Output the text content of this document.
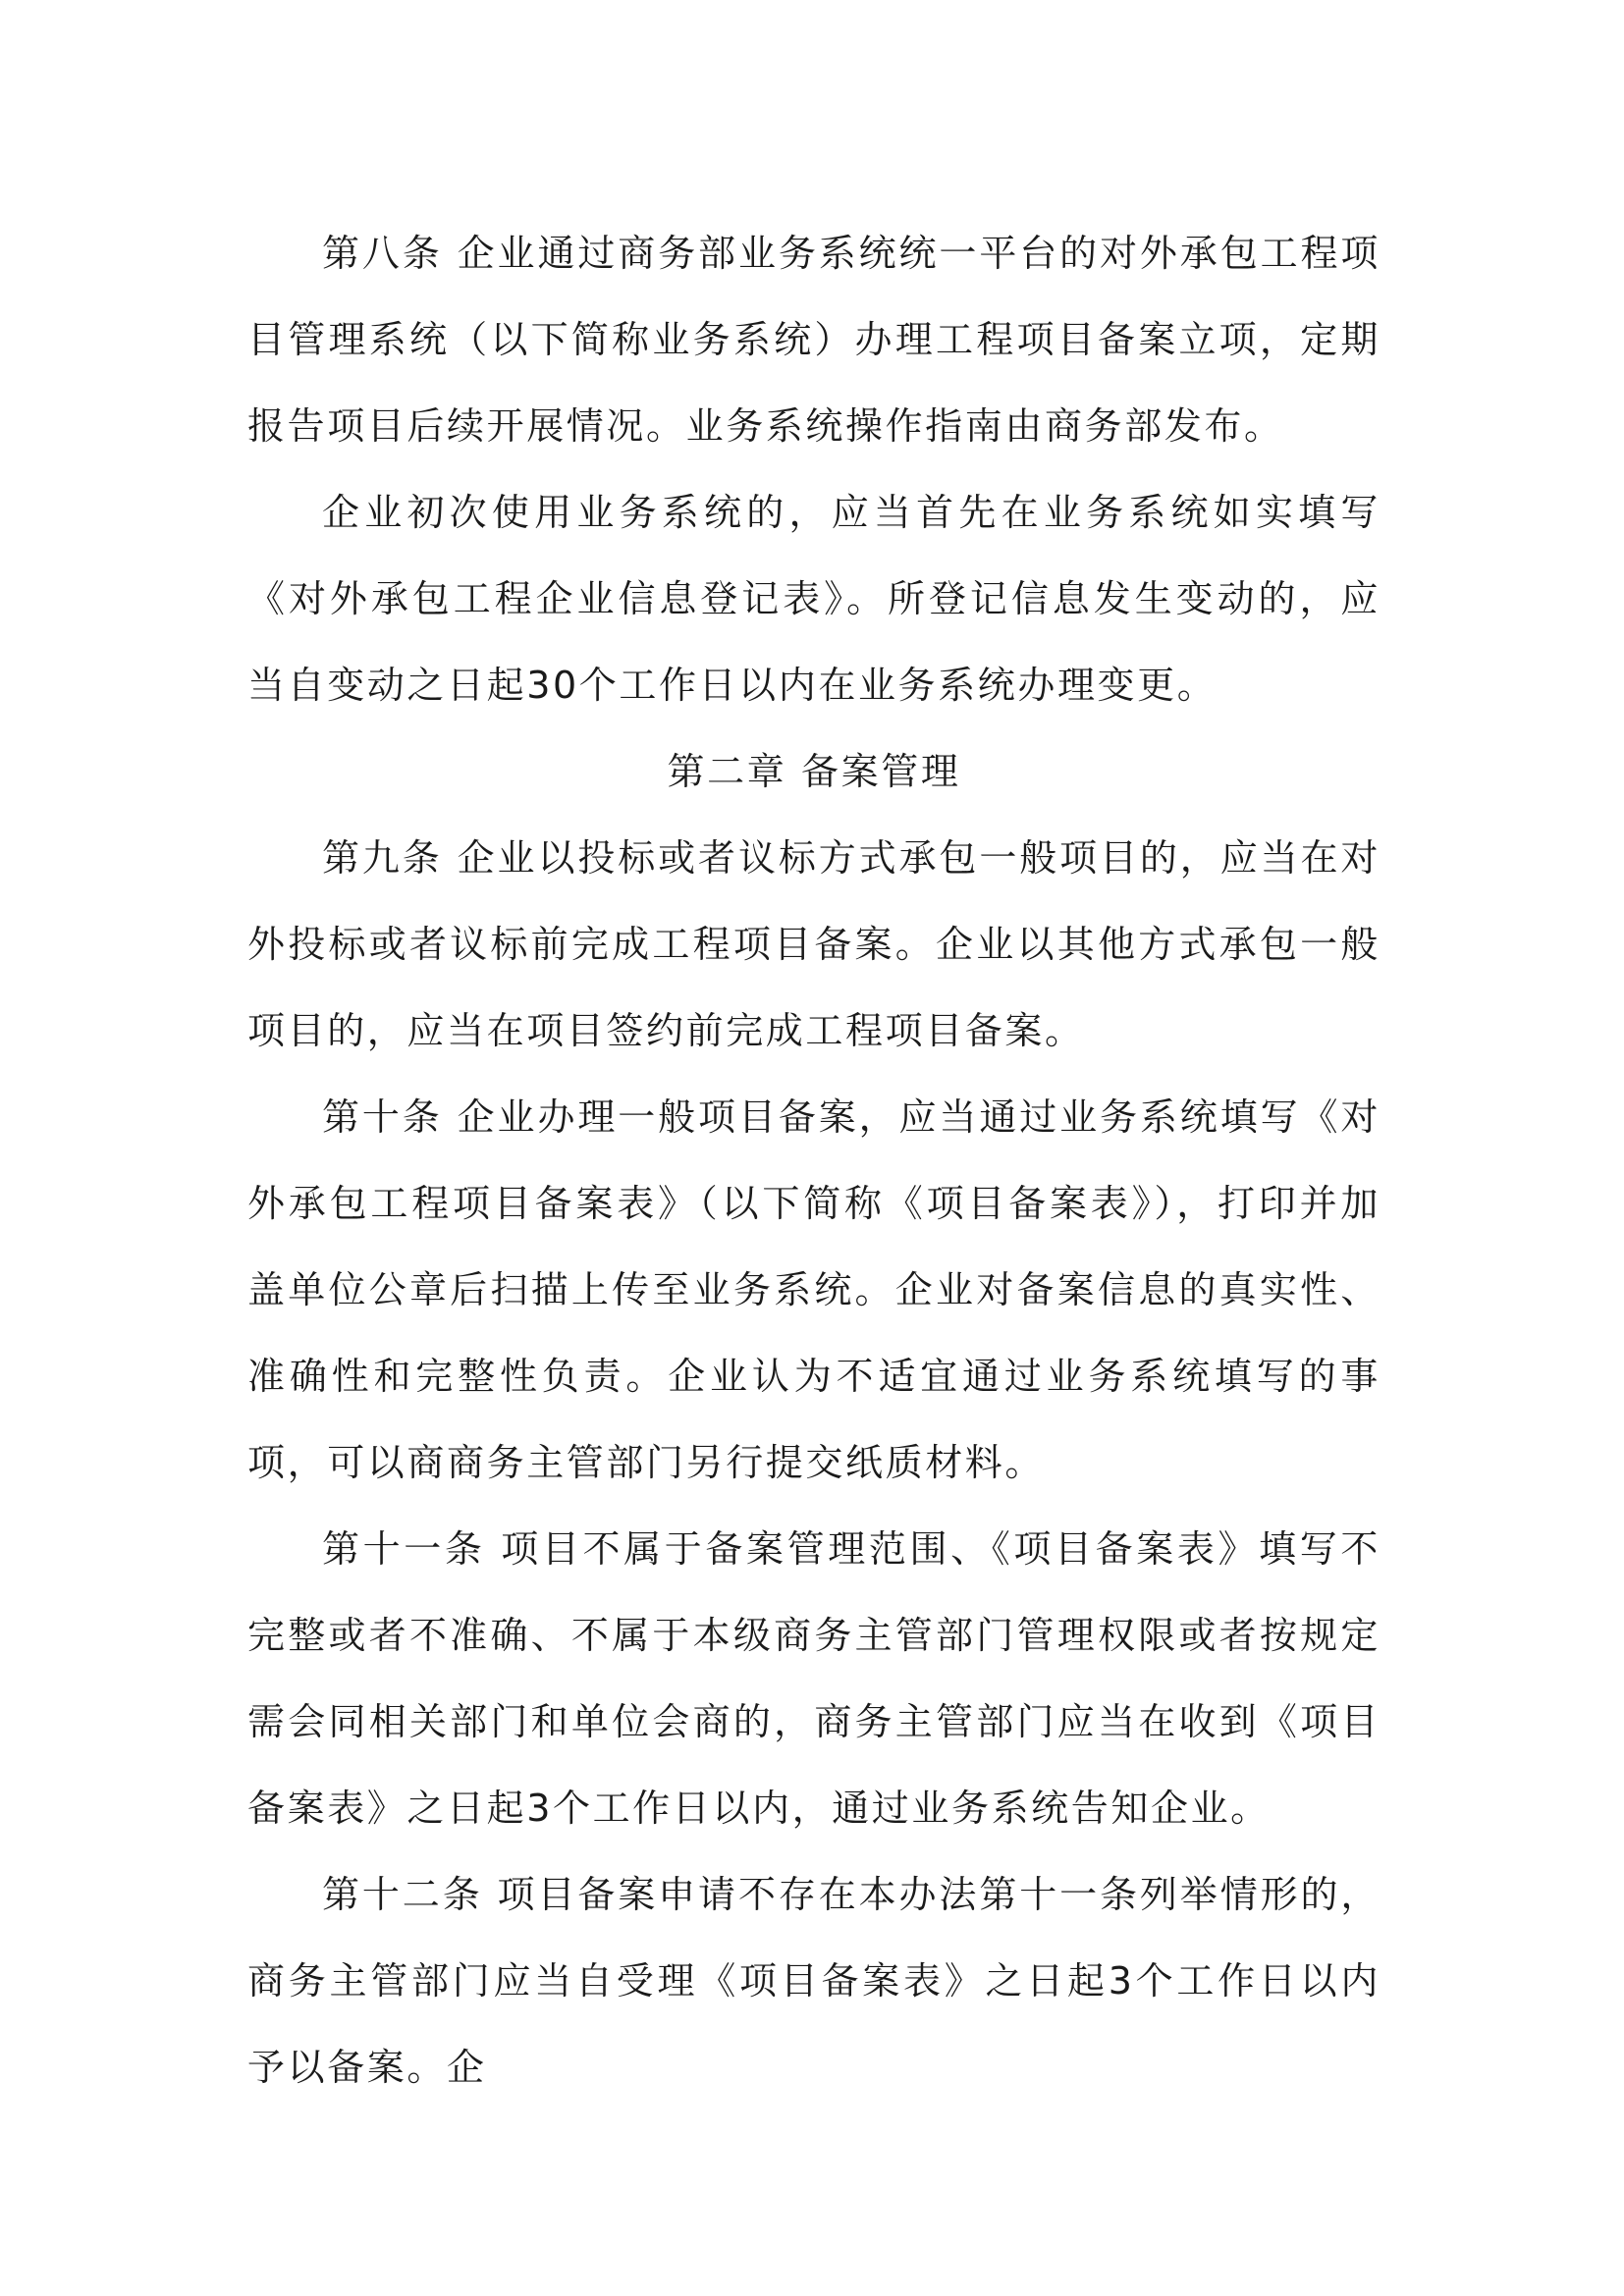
第八条 企业通过商务部业务系统统一平台的对外承包工程项目管理系统（以下简称业务系统）办理工程项目备案立项，定期报告项目后续开展情况。业务系统操作指南由商务部发布。

企业初次使用业务系统的，应当首先在业务系统如实填写《对外承包工程企业信息登记表》。所登记信息发生变动的，应当自变动之日起30个工作日以内在业务系统办理变更。

第二章 备案管理

第九条 企业以投标或者议标方式承包一般项目的，应当在对外投标或者议标前完成工程项目备案。企业以其他方式承包一般项目的，应当在项目签约前完成工程项目备案。

第十条 企业办理一般项目备案，应当通过业务系统填写《对外承包工程项目备案表》（以下简称《项目备案表》），打印并加盖单位公章后扫描上传至业务系统。企业对备案信息的真实性、准确性和完整性负责。企业认为不适宜通过业务系统填写的事项，可以商商务主管部门另行提交纸质材料。

第十一条 项目不属于备案管理范围、《项目备案表》填写不完整或者不准确、不属于本级商务主管部门管理权限或者按规定需会同相关部门和单位会商的，商务主管部门应当在收到《项目备案表》之日起3个工作日以内，通过业务系统告知企业。

第十二条 项目备案申请不存在本办法第十一条列举情形的，商务主管部门应当自受理《项目备案表》之日起3个工作日以内予以备案。企
